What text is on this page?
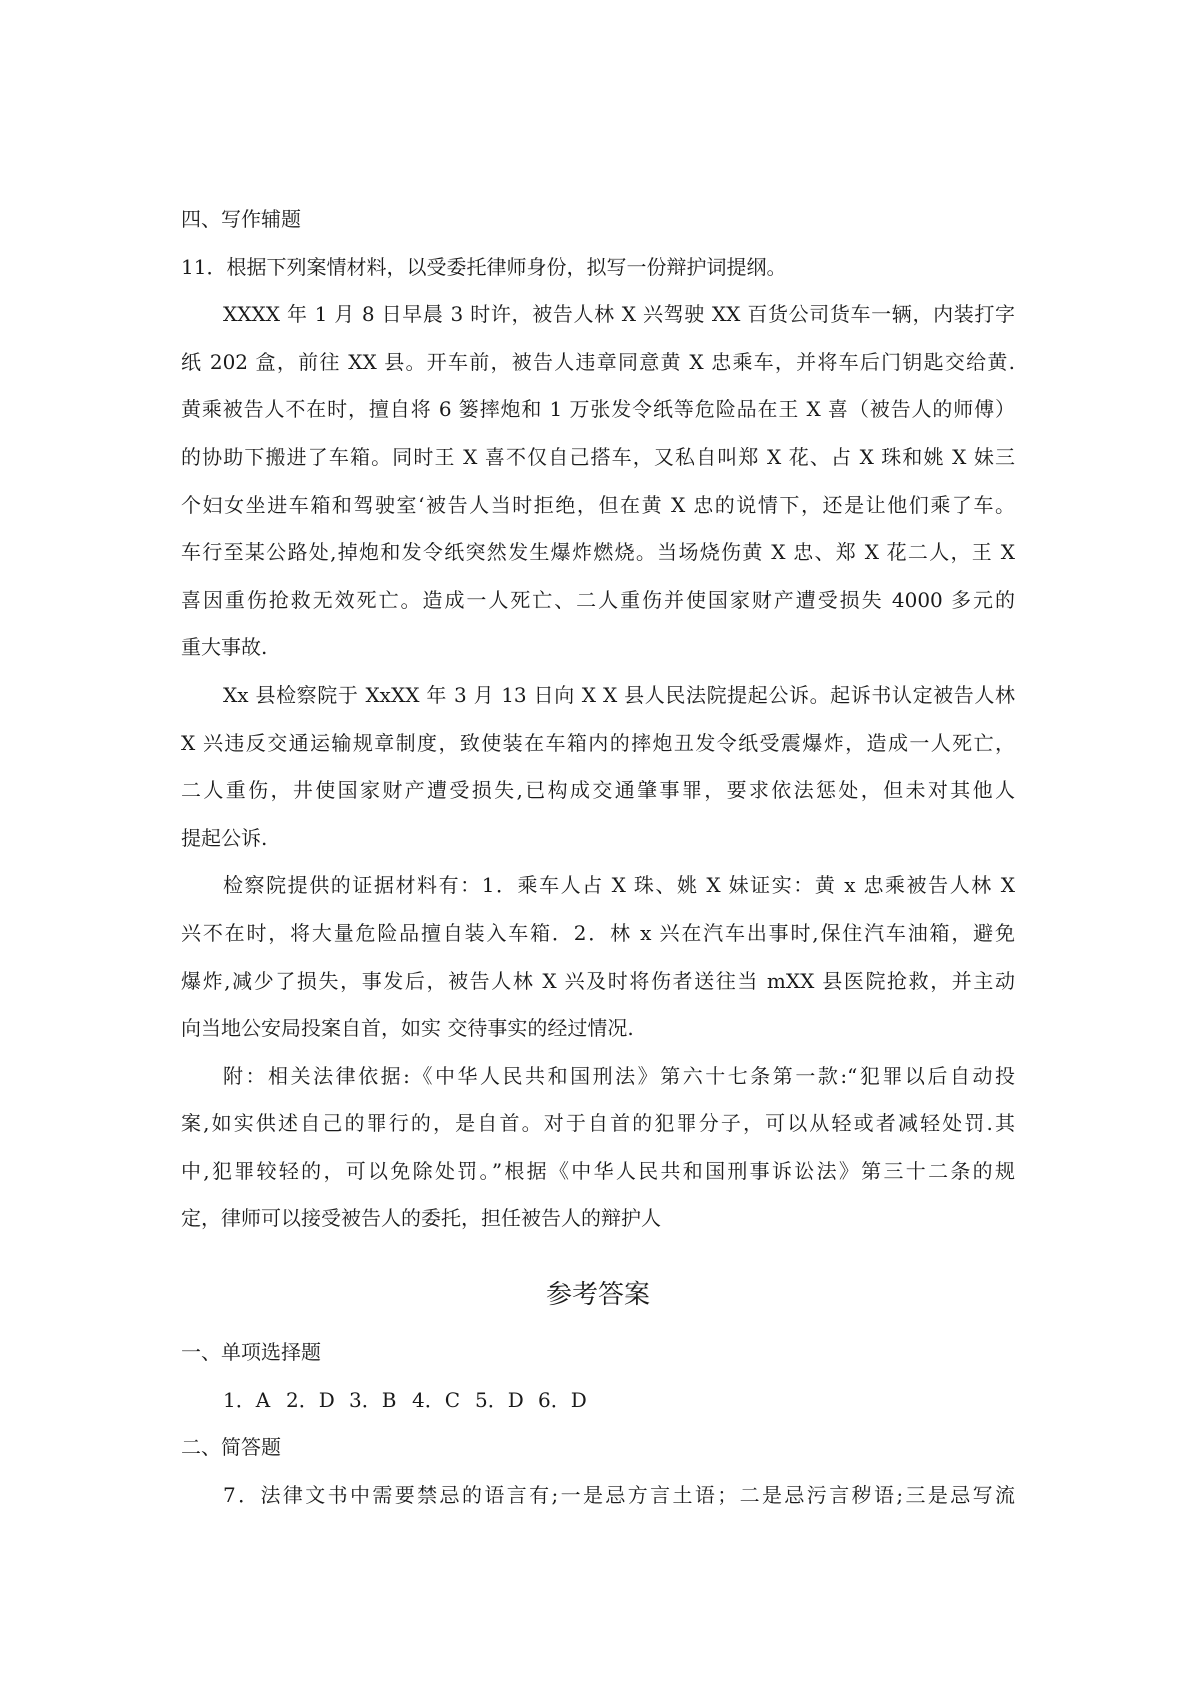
四、写作辅题

11．根据下列案情材料，以受委托律师身份，拟写一份辩护词提纲。

XXXX 年 1 月 8 日早晨 3 时许，被告人林 X 兴驾驶 XX 百货公司货车一辆，内装打字

纸 202 盒，前往 XX 县。开车前，被告人违章同意黄 X 忠乘车，并将车后门钥匙交给黄.

黄乘被告人不在时，擅自将 6 篓摔炮和 1 万张发令纸等危险品在王 X 喜（被告人的师傅）

的协助下搬进了车箱。同时王 X 喜不仅自己搭车，又私自叫郑 X 花、占 X 珠和姚 X 妹三

个妇女坐进车箱和驾驶室‘被告人当时拒绝，但在黄 X 忠的说情下，还是让他们乘了车。

车行至某公路处,掉炮和发令纸突然发生爆炸燃烧。当场烧伤黄 X 忠、郑 X 花二人，王 X

喜因重伤抢救无效死亡。造成一人死亡、二人重伤并使国家财产遭受损失 4000 多元的

重大事故.

Xx 县检察院于 XxXX 年 3 月 13 日向 X X 县人民法院提起公诉。起诉书认定被告人林

X 兴违反交通运输规章制度，致使装在车箱内的摔炮丑发令纸受震爆炸，造成一人死亡，

二人重伤，井使国家财产遭受损失,已构成交通肇事罪，要求依法惩处，但未对其他人

提起公诉.

检察院提供的证据材料有：1．乘车人占 X 珠、姚 X 妹证实：黄 x 忠乘被告人林 X

兴不在时，将大量危险品擅自装入车箱．2．林 x 兴在汽车出事时,保住汽车油箱，避免

爆炸,减少了损失，事发后，被告人林 X 兴及时将伤者送往当 mXX 县医院抢救，并主动

向当地公安局投案自首，如实 交待事实的经过情况.

附：相关法律依据:《中华人民共和国刑法》第六十七条第一款:“犯罪以后自动投

案,如实供述自己的罪行的，是自首。对于自首的犯罪分子，可以从轻或者减轻处罚.其

中,犯罪较轻的，可以免除处罚。”根据《中华人民共和国刑事诉讼法》第三十二条的规

定，律师可以接受被告人的委托，担任被告人的辩护人

参考答案

一、单项选择题

1．A 2．D 3．B 4．C 5．D 6．D

二、简答题

7．法律文书中需要禁忌的语言有;一是忌方言土语；二是忌污言秽语;三是忌写流
